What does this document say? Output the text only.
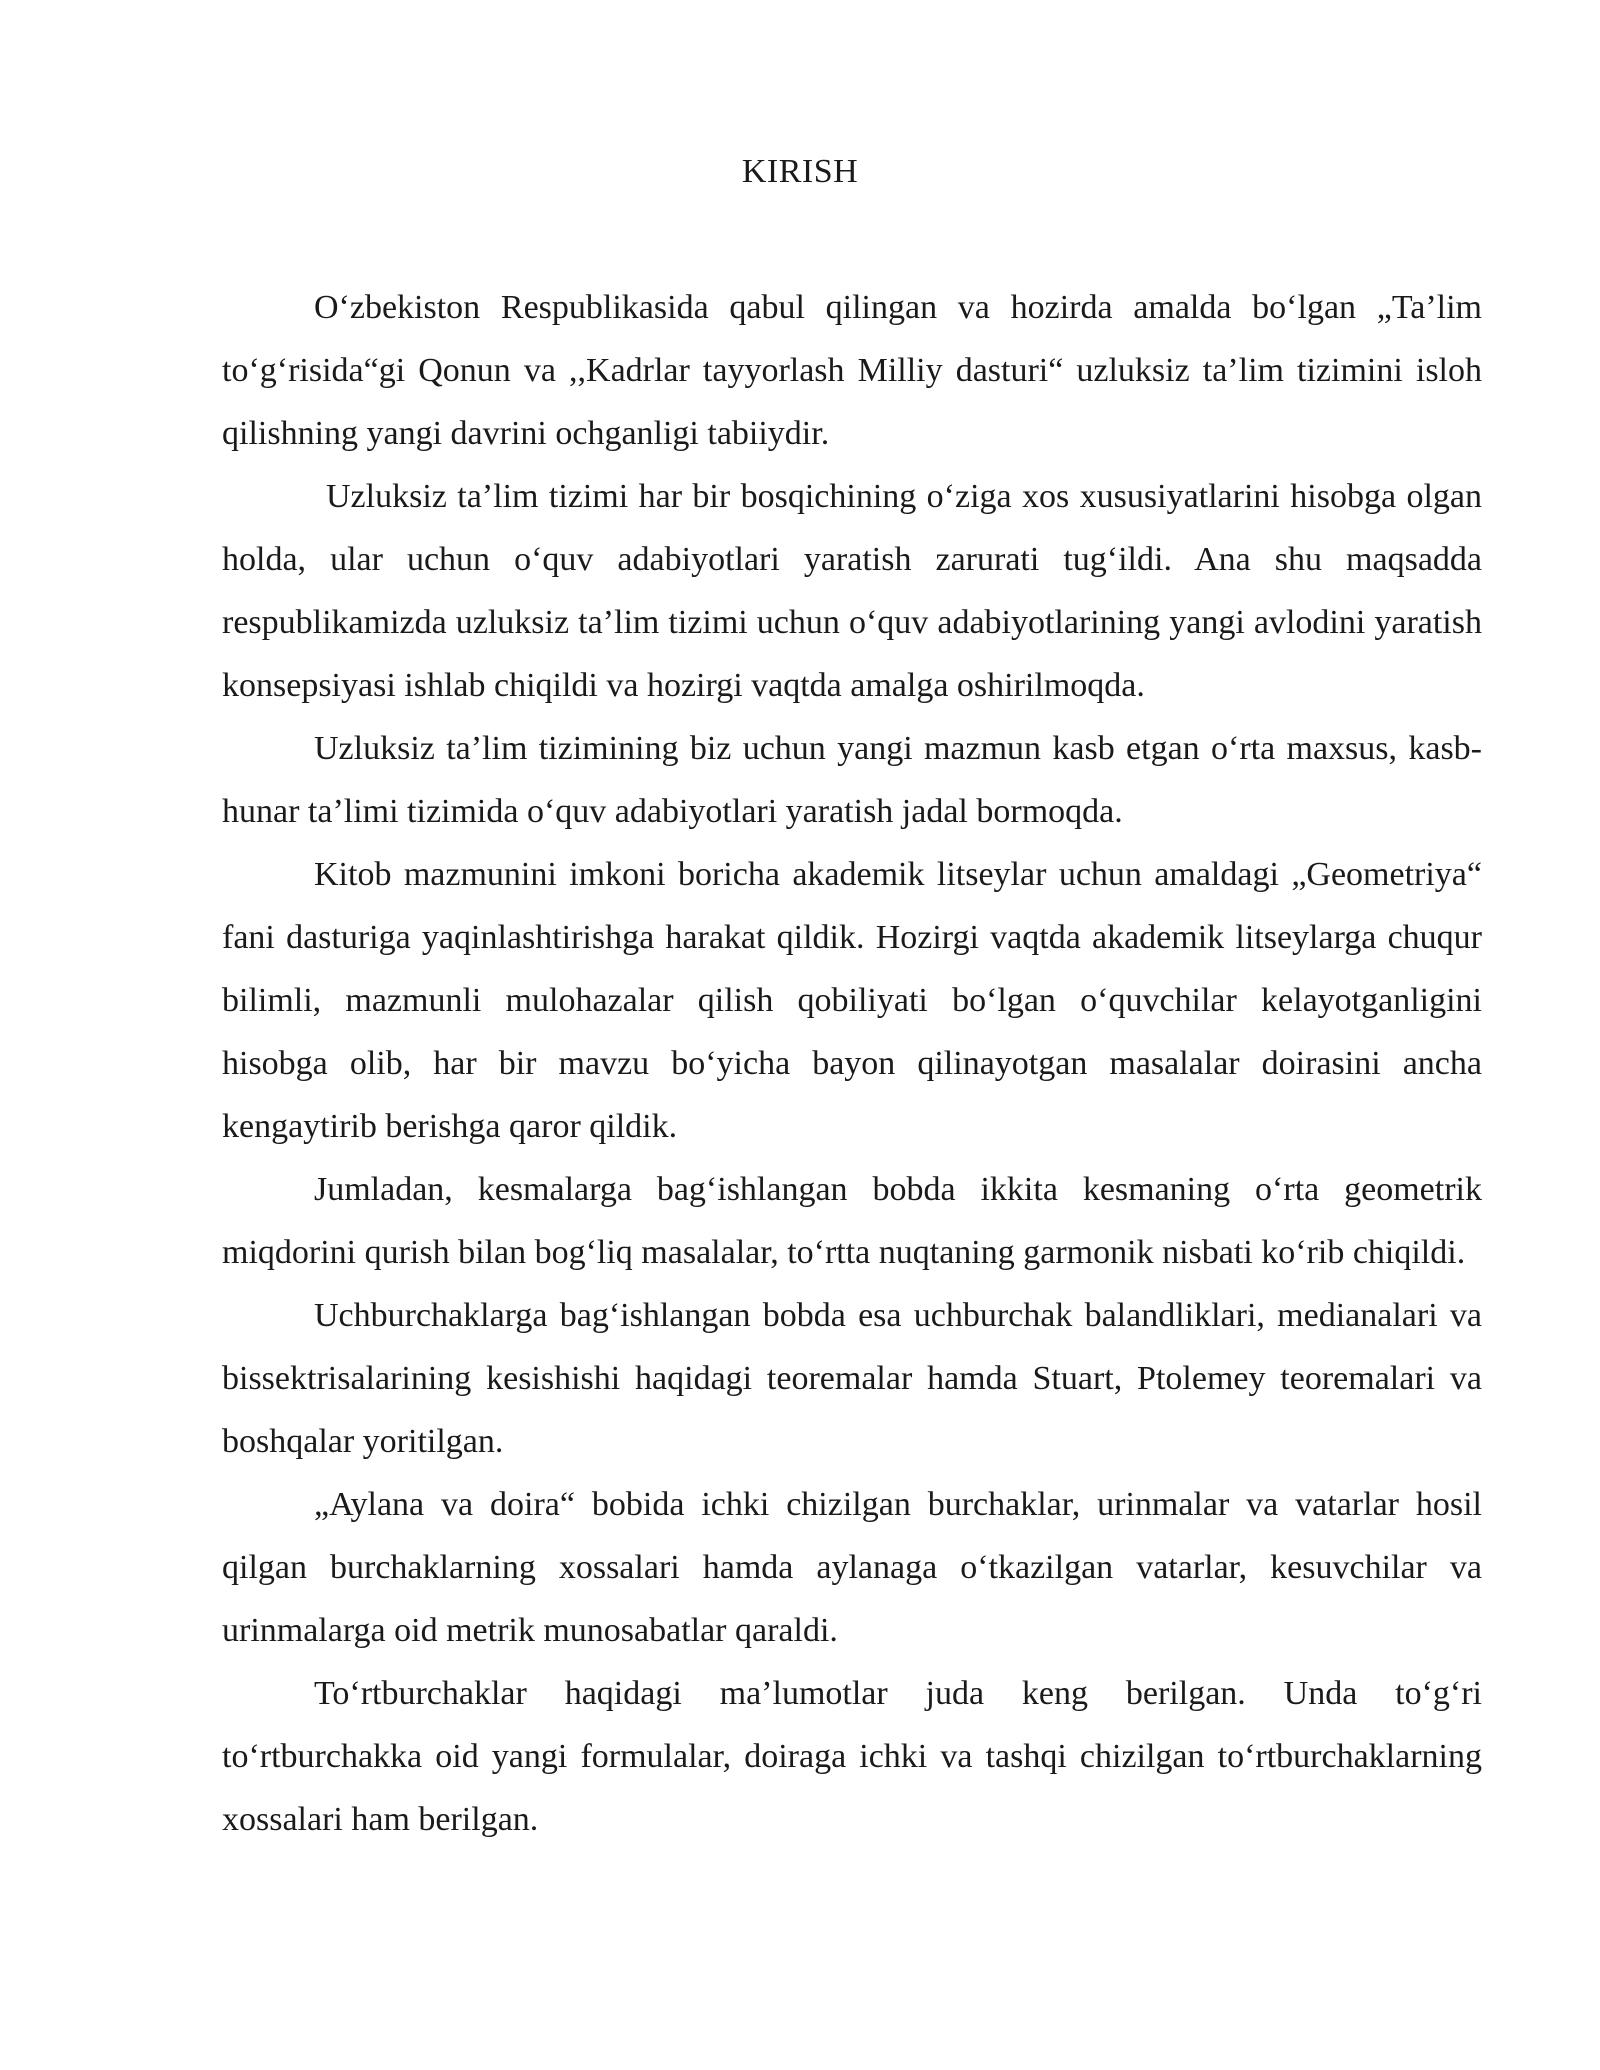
KIRISH

O‘zbekiston Respublikasida qabul qilingan va hozirda amalda bo‘lgan „Ta’lim to‘g‘risida“gi Qonun va ,,Kadrlar tayyorlash Milliy dasturi“ uzluksiz ta’lim tizimini isloh qilishning yangi davrini ochganligi tabiiydir.

Uzluksiz ta’lim tizimi har bir bosqichining o‘ziga xos xususiyatlarini hisobga olgan holda, ular uchun o‘quv adabiyotlari yaratish zarurati tug‘ildi. Ana shu maqsadda respublikamizda uzluksiz ta’lim tizimi uchun o‘quv adabiyotlarining yangi avlodini yaratish konsepsiyasi ishlab chiqildi va hozirgi vaqtda amalga oshirilmoqda.

Uzluksiz ta’lim tizimining biz uchun yangi mazmun kasb etgan o‘rta maxsus, kasb-hunar ta’limi tizimida o‘quv adabiyotlari yaratish jadal bormoqda.

Kitob mazmunini imkoni boricha akademik litseylar uchun amaldagi „Geometriya“ fani dasturiga yaqinlashtirishga harakat qildik. Hozirgi vaqtda akademik litseylarga chuqur bilimli, mazmunli mulohazalar qilish qobiliyati bo‘lgan o‘quvchilar kelayotganligini hisobga olib, har bir mavzu bo‘yicha bayon qilinayotgan masalalar doirasini ancha kengaytirib berishga qaror qildik.

Jumladan, kesmalarga bag‘ishlangan bobda ikkita kesmaning o‘rta geometrik miqdorini qurish bilan bog‘liq masalalar, to‘rtta nuqtaning garmonik nisbati ko‘rib chiqildi.

Uchburchaklarga bag‘ishlangan bobda esa uchburchak balandliklari, medianalari va bissektrisalarining kesishishi haqidagi teoremalar hamda Stuart, Ptolemey teoremalari va boshqalar yoritilgan.

„Aylana va doira“ bobida ichki chizilgan burchaklar, urinmalar va vatarlar hosil qilgan burchaklarning xossalari hamda aylanaga o‘tkazilgan vatarlar, kesuvchilar va urinmalarga oid metrik munosabatlar qaraldi.

To‘rtburchaklar haqidagi ma’lumotlar juda keng berilgan. Unda to‘g‘ri to‘rtburchakka oid yangi formulalar, doiraga ichki va tashqi chizilgan to‘rtburchaklarning xossalari ham berilgan.
